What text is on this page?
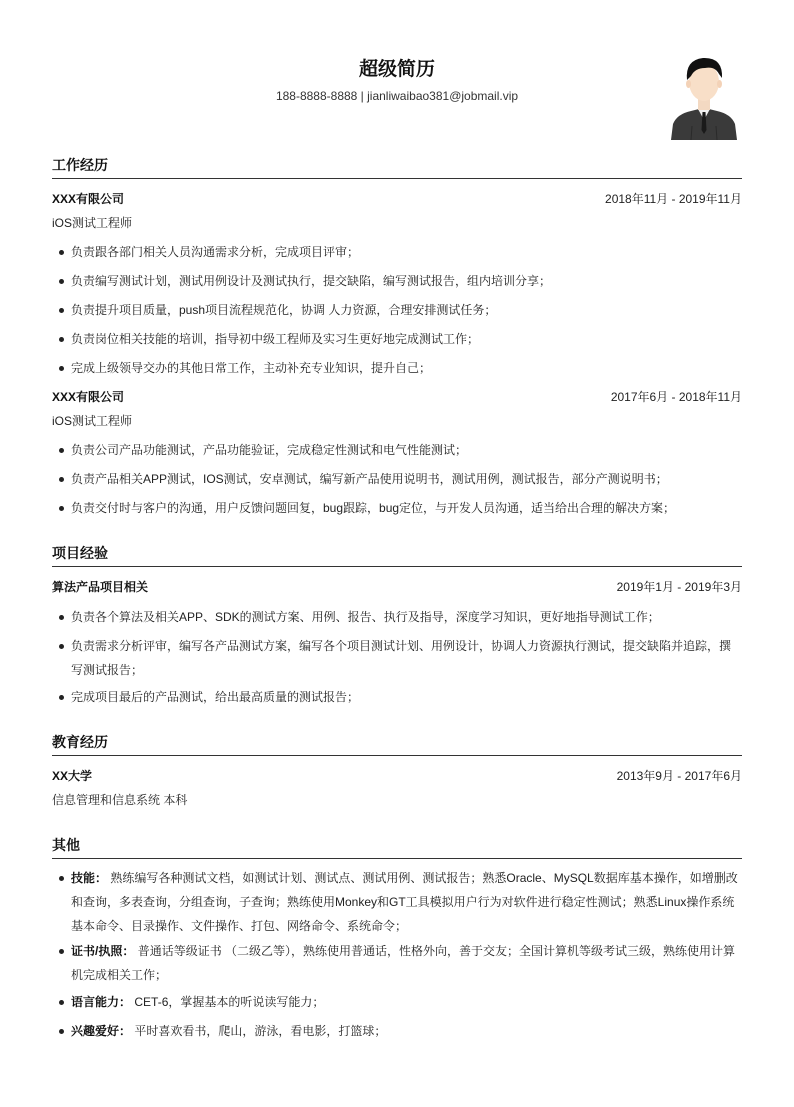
超级简历
188-8888-8888 | jianliwaibao381@jobmail.vip
工作经历
XXX有限公司	2018年11月 - 2019年11月
iOS测试工程师
负责跟各部门相关人员沟通需求分析，完成项目评审；
负责编写测试计划，测试用例设计及测试执行，提交缺陷，编写测试报告，组内培训分享；
负责提升项目质量，push项目流程规范化，协调 人力资源，合理安排测试任务；
负责岗位相关技能的培训，指导初中级工程师及实习生更好地完成测试工作；
完成上级领导交办的其他日常工作，主动补充专业知识，提升自己；
XXX有限公司	2017年6月 - 2018年11月
iOS测试工程师
负责公司产品功能测试，产品功能验证，完成稳定性测试和电气性能测试；
负责产品相关APP测试，IOS测试，安卓测试，编写新产品使用说明书，测试用例，测试报告，部分产测说明书；
负责交付时与客户的沟通，用户反馈问题回复，bug跟踪，bug定位，与开发人员沟通，适当给出合理的解决方案；
项目经验
算法产品项目相关	2019年1月 - 2019年3月
负责各个算法及相关APP、SDK的测试方案、用例、报告、执行及指导，深度学习知识，更好地指导测试工作；
负责需求分析评审，编写各产品测试方案，编写各个项目测试计划、用例设计，协调人力资源执行测试，提交缺陷并追踪，撰写测试报告；
完成项目最后的产品测试，给出最高质量的测试报告；
教育经历
XX大学	2013年9月 - 2017年6月
信息管理和信息系统 本科
其他
技能： 熟练编写各种测试文档，如测试计划、测试点、测试用例、测试报告；熟悉Oracle、MySQL数据库基本操作，如增删改和查询，多表查询，分组查询，子查询；熟练使用Monkey和GT工具模拟用户行为对软件进行稳定性测试；熟悉Linux操作系统基本命令、目录操作、文件操作、打包、网络命令、系统命令；
证书/执照： 普通话等级证书 （二级乙等），熟练使用普通话，性格外向，善于交友；全国计算机等级考试三级，熟练使用计算机完成相关工作；
语言能力： CET-6，掌握基本的听说读写能力；
兴趣爱好： 平时喜欢看书，爬山，游泳，看电影，打篮球；
